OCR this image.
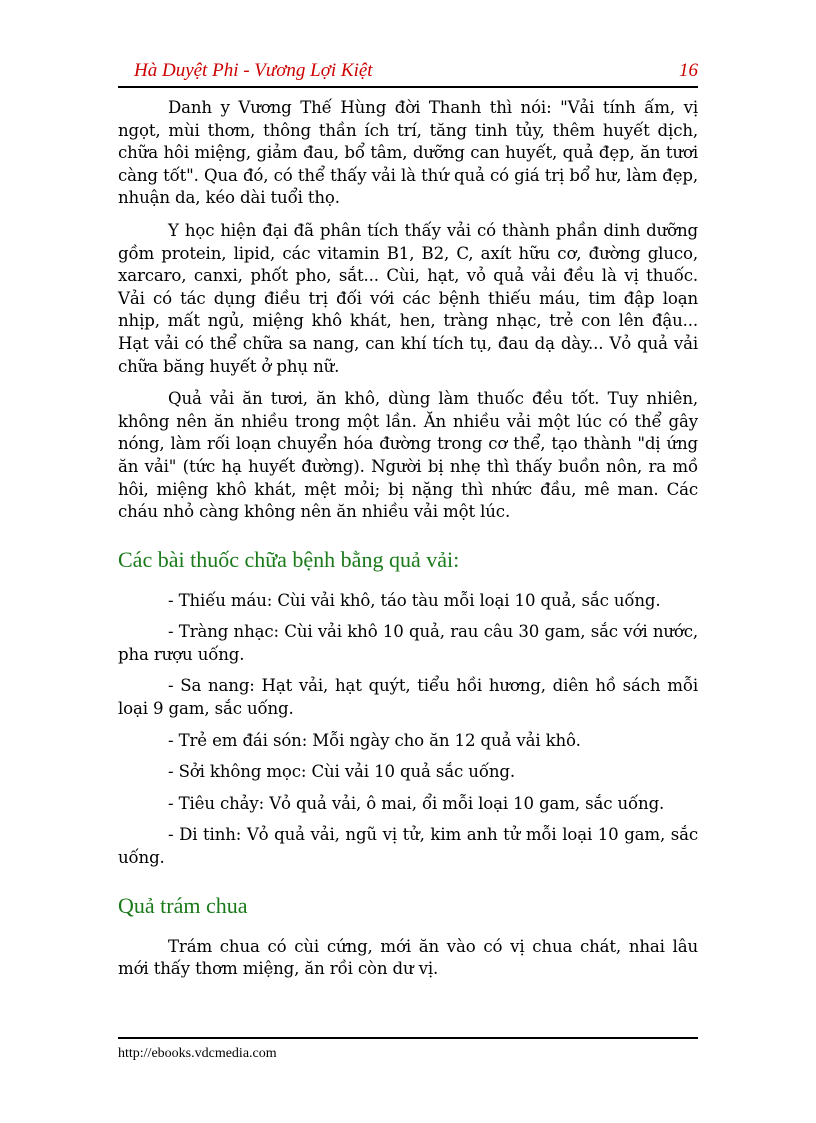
Hà Duyệt Phi - Vương Lợi Kiệt	16

Danh y Vương Thế Hùng đời Thanh thì nói: "Vải tính ấm, vị ngọt, mùi thơm, thông thần ích trí, tăng tinh tủy, thêm huyết dịch, chữa hôi miệng, giảm đau, bổ tâm, dưỡng can huyết, quả đẹp, ăn tươi càng tốt". Qua đó, có thể thấy vải là thứ quả có giá trị bổ hư, làm đẹp, nhuận da, kéo dài tuổi thọ.

Y học hiện đại đã phân tích thấy vải có thành phần dinh dưỡng gồm protein, lipid, các vitamin B1, B2, C, axít hữu cơ, đường gluco, xarcaro, canxi, phốt pho, sắt... Cùi, hạt, vỏ quả vải đều là vị thuốc. Vải có tác dụng điều trị đối với các bệnh thiếu máu, tim đập loạn nhịp, mất ngủ, miệng khô khát, hen, tràng nhạc, trẻ con lên đậu... Hạt vải có thể chữa sa nang, can khí tích tụ, đau dạ dày... Vỏ quả vải chữa băng huyết ở phụ nữ.

Quả vải ăn tươi, ăn khô, dùng làm thuốc đều tốt. Tuy nhiên, không nên ăn nhiều trong một lần. Ăn nhiều vải một lúc có thể gây nóng, làm rối loạn chuyển hóa đường trong cơ thể, tạo thành "dị ứng ăn vải" (tức hạ huyết đường). Người bị nhẹ thì thấy buồn nôn, ra mồ hôi, miệng khô khát, mệt mỏi; bị nặng thì nhức đầu, mê man. Các cháu nhỏ càng không nên ăn nhiều vải một lúc.

Các bài thuốc chữa bệnh bằng quả vải:

- Thiếu máu: Cùi vải khô, táo tàu mỗi loại 10 quả, sắc uống.

- Tràng nhạc: Cùi vải khô 10 quả, rau câu 30 gam, sắc với nước, pha rượu uống.

- Sa nang: Hạt vải, hạt quýt, tiểu hồi hương, diên hồ sách mỗi loại 9 gam, sắc uống.

- Trẻ em đái són: Mỗi ngày cho ăn 12 quả vải khô.

- Sởi không mọc: Cùi vải 10 quả sắc uống.

- Tiêu chảy: Vỏ quả vải, ô mai, ổi mỗi loại 10 gam, sắc uống.

- Di tinh: Vỏ quả vải, ngũ vị tử, kim anh tử mỗi loại 10 gam, sắc uống.

Quả trám chua

Trám chua có cùi cứng, mới ăn vào có vị chua chát, nhai lâu mới thấy thơm miệng, ăn rồi còn dư vị.

http://ebooks.vdcmedia.com
